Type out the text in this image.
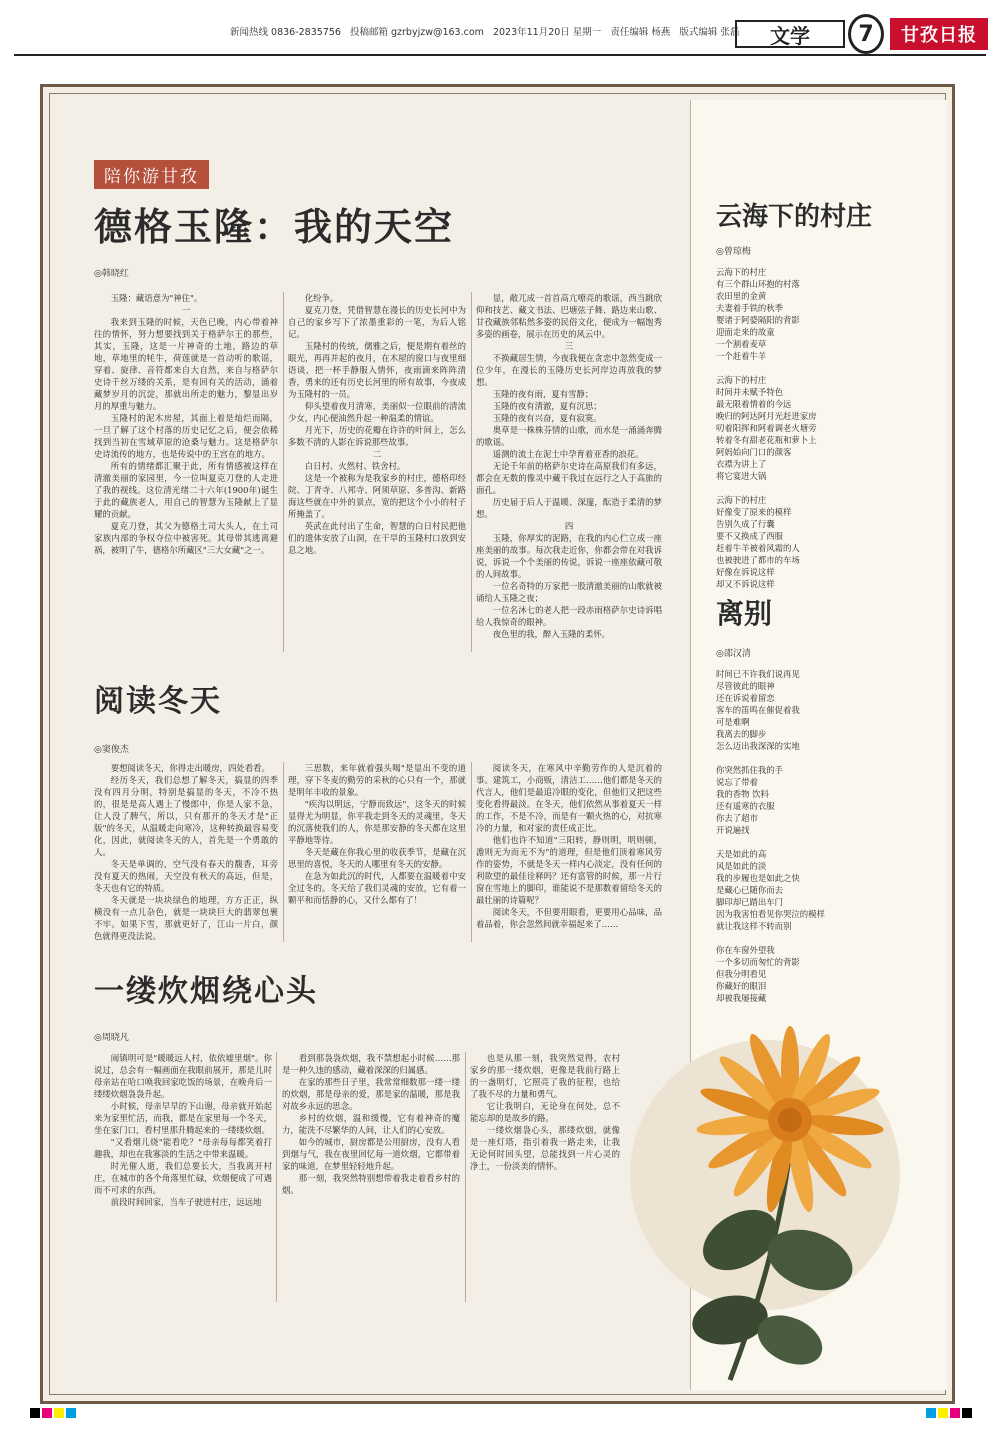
新闻热线 0836-2835756 投稿邮箱 gzrbyjzw@163.com 2023年11月20日 星期一 责任编辑 杨燕 版式编辑 张磊	文学	7	甘孜日报
陪你游甘孜
德格玉隆：我的天空
◎韩晓红

玉隆：藏语意为"神住"。

一

我来到玉隆的时候，天色已晚，内心带着神往的情怀，努力想要找到关于格萨尔王的那些，其实，玉隆，这是一片神奇的土地，路边的草地，草地里的牦牛，荷莲就是一首动听的歌谣，穿着、旋律、音符都来自大自然，来自与格萨尔史诗千丝万缕的关系，是有回有关的活动，涌着藏梦岁月的沉淀，那就出所走的魅力，黎显出岁月的厚重与魅力。

玉隆村的泥木房屋，其面上着是灿烂而隔，一旦了解了这个村落的历史记忆之后，便会依稀找到当初在雪域草原的沧桑与魅力。这是格萨尔史诗流传的地方，也是传说中的王宫在的地方。

所有的情绪都汇聚于此，所有情感被这样在清澈美丽的家园里，今一位叫夏克刀登的人走进了我的视线。这位清光绪二十六年(1900年)诞生于此的藏族老人，用自己的智慧为玉隆献上了显耀的贡献。

夏克刀登，其父为德格土司大头人，在土司家族内部的争权夺位中被害死。其母带其逃离避祸，被明了牛，德格尔所藏区"三大女藏"之一。

化纷争。

夏克刀登，凭借智慧在漫长的历史长河中为自己的家乡写下了浓墨重彩的一笔，为后人铭记。

玉隆村的传统，儒雅之后，便是期有着丝的眼光，再再并起的夜月，在木屋的窗口与夜里细语谈，把一杯手静服入情怀，夜雨滴来阵阵清香，勇来的还有历史长河里的所有故事，今夜成为玉隆村的一员。

仰头望着夜月清寒，美丽似一位眼前的清流少女，内心便油然升起一种温柔的情谊。

月光下，历史的花瓣在许许的叶间上，怎么多数不清的人影在诉说那些故事。

二

白日村、火然村、铁舍村。

这是一个被称为是我家乡的村庄，德格印经院、丁青寺、八邦寺、阿须草原、多普沟、新路海这些就在中外的景点，宽的把这个小小的村子所掩盖了。

英武在此付出了生命，智慧的白日村民把他们的遗体安放了山洞，在干旱的玉隆村口放到安息之地。

显，敞兀成一首首高亢嘹亮的歌谣，西当跳欣仰和技艺、藏文书法、巴塘弦子舞、路边来山歌、甘孜藏族邻粘然多姿的民俗文化，便成为一幅饱秀多姿的画卷，展示在历史的风云中。

三

不换藏居生情，今夜我便在贪恋中忽然变成一位少年，在漫长的玉隆历史长河岸边再放我的梦想。

玉隆的夜有雨，夏有雪静；

玉隆的夜有清澈，夏有沉思；

玉隆的夜有兴奋，夏有寂寞。

奥草是一株株芬情的山歌，而水是一涌涌奔腾的歌谣。

遥测的流土在泥土中孕育着亚香的浪花。

无论千年前的格萨尔史诗在高原我们有多远，都会在无数的像灵中藏干我过在远行之人于高旅的面孔。

历史届于后人于温暖、深邃，酝造于柔清的梦想。

四

玉隆，你厚实的泥路，在我的内心伫立成一座座美丽的故事。每次我走近你，你都会带在对我诉说，诉说一个个美丽的传说，诉说一座座依藏可敬的人间故事。

一位名奇特的万家把一股清澈美丽的山歌就被诵给人玉隆之夜；

一位名沐七的老人把一段赤雨格萨尔史诗诉唱给人我惊奇的眼神。

夜色里的我，醉入玉隆的柔怀。

阅读冬天
◎窦俊杰

要想阅读冬天，你得走出暖房，四处看看。

经历冬天，我们总想了解冬天，搞显的四季没有四月分明，特别是搞显的冬天，不冷不热的，很是是高人遇上了慢郎中，你是人家不急，让人没了脾气，所以，只有那开的冬天才是"正版"的冬天，从温暖走向寒冷，这种转换最容易变化，因此，就阅读冬天的人，首先是一个勇敢的人。

冬天是单调的，空气没有春天的馥香，耳旁没有夏天的热闹，天空没有秋天的高远，但是，冬天也有它的特质。

冬天就是一块块绿色的地理，方方正正，纵横没有一点儿杂色，就是一块块巨大的翡翠包裹不牢。如果下雪，那就更好了，江山一片白，颜色就得更没法说。

三思数，来年就着强头喝"是显出不变的道理，穿下冬麦的勤劳的采秋的心只有一个，那就是明年丰收的景象。

"疾沟以明远，宁静而致远"，这冬天的时候显得尤为明显，你平我走到冬天的灵魂里，冬天的沉落使我们的人，你是那安静的冬天都在这里平静地等待。

冬天是藏在你我心里的收获季节，是藏在沉思里的喜悦，冬天的人哪里有冬天的安静。

在急为如此沉的时代，人都要在温暖着中安全过冬的。冬天给了我们灵魂的安放，它有着一颗平和而恬静的心，又什么都有了！

阅读冬天，在寒风中辛勤劳作的人是沉着的事。建筑工，小商贩，清洁工……他们都是冬天的代言人，他们是最追冷眼的变化，但他们又把这些变化看得最淡。在冬天，他们依然从事着夏天一样的工作，不是不冷，而是有一颗火热的心，对抗寒冷的力量，和对家的责任成正比。

他们也许不知道"三阳转，静则明，明则顿，澹则无为而无不为"的道理，但是他们顶着寒风劳作的姿势，不就是冬天一样内心淡定，没有任何的利欲望的最佳诠释吗？还有富管的时候，那一片行窗在雪地上的脚印，谁能说不是那数着留给冬天的最壮丽的诗篇呢？

阅读冬天，不但要用眼看，更要用心品味，品着品着，你会忽然间就幸福起来了……

一缕炊烟绕心头
◎周晓凡

闹镇明可是"暖暖远人村，依依墟里烟"。你说过，总会有一幅画面在我眼前展开，那是儿时母亲站在哈口唤我回家吃饭的场景，在晚舟后一缕缕炊烟袅袅升起。

小时候，母亲早早的下山谢，母亲就开始起来为家里忙活，而我，都是在家里每一个冬天，坐在家门口，看村里那升腾起来的一缕缕炊烟。

"又看烟儿烧"能看吃？"母亲每每都笑着打趣我，却也在我寡淡的生活之中带来温暖。

时光催人逝，我们总要长大，当我离开村庄，在城市的各个角落里忙碌，炊烟便成了可遇而不可求的东西。

前段时间回家，当车子驶进村庄，远远地

看到那袅袅炊烟，我不禁想起小时候……那是一种久违的感动，藏着深深的归属感。

在家的那些日子里，我常常细数那一缕一缕的炊烟，那是母亲的爱，那是家的温暖，那是我对故乡永远的思念。

乡村的炊烟，温和缓慢，它有着神奇的魔力，能洗不尽繁华的人间，让人们的心安放。

如今的城市，厨房都是公用厨房，没有人看到烟与气，我在夜里回忆每一道炊烟，它都带着家的味道，在梦里轻轻地升起。

那一刻，我突然特别想带着我走着看乡村的烟。

也是从那一刻，我突然觉得，农村家乡的那一缕炊烟，更像是我前行路上的一盏明灯，它照亮了我的征程，也给了我不尽的力量和勇气。

它让我明白，无论身在何处，总不能忘却的是故乡的路。

一缕炊烟袅心头，那缕炊烟，就像是一座灯塔，指引着我一路走来，让我无论何时回头望，总能找到一片心灵的净土，一份淡美的情怀。

云海下的村庄
◎曾琼梅
云海下的村庄
有三个群山环抱的村落
农田里的金黄
夫妻着手铁的秋季
婴诸于阿婆隔阳的背影
迎面走来的故童
一个割着麦草
一个赶着牛羊
云海下的村庄
时间并未赋予特色
最无限着情着的今远
晚归的阿达阿月光赶进家房
叨着阳挥和阿着调老火塘旁
转着冬有甜老花瓶和萝卜上
阿妈始向门口的颜客
衣襟为讲上了
将它宴进大锅
云海下的村庄
好像变了原来的模样
告别久成了行囊
要不又换成了西服
赶着牛羊被着风霜的人
也被驶进了都市的车场
好像在诉说这样
却又不诉说这样
离别
◎邵汉清
时间已不许我们说再见
尽管彼此的眼神
还在诉说着留恋
客车的笛鸣在催促着我
可是难啊
我离去的脚步
怎么迈出我深深的实地
你突然抓住我的手
说忘了带着
我的香物 饮料
还有遥寒的衣服
你去了超市
开说遍找
天是如此的高
风是如此的淡
我的步履也是如此之快
是藏心已随你而去
脚印却已踏出车门
因为我害怕看见你哭泣的模样
就让我这样不转而别
你在车窗外望我
一个多切而匆忙的背影
但我分明看见
你藏好的眼泪
却被我屡接藏
